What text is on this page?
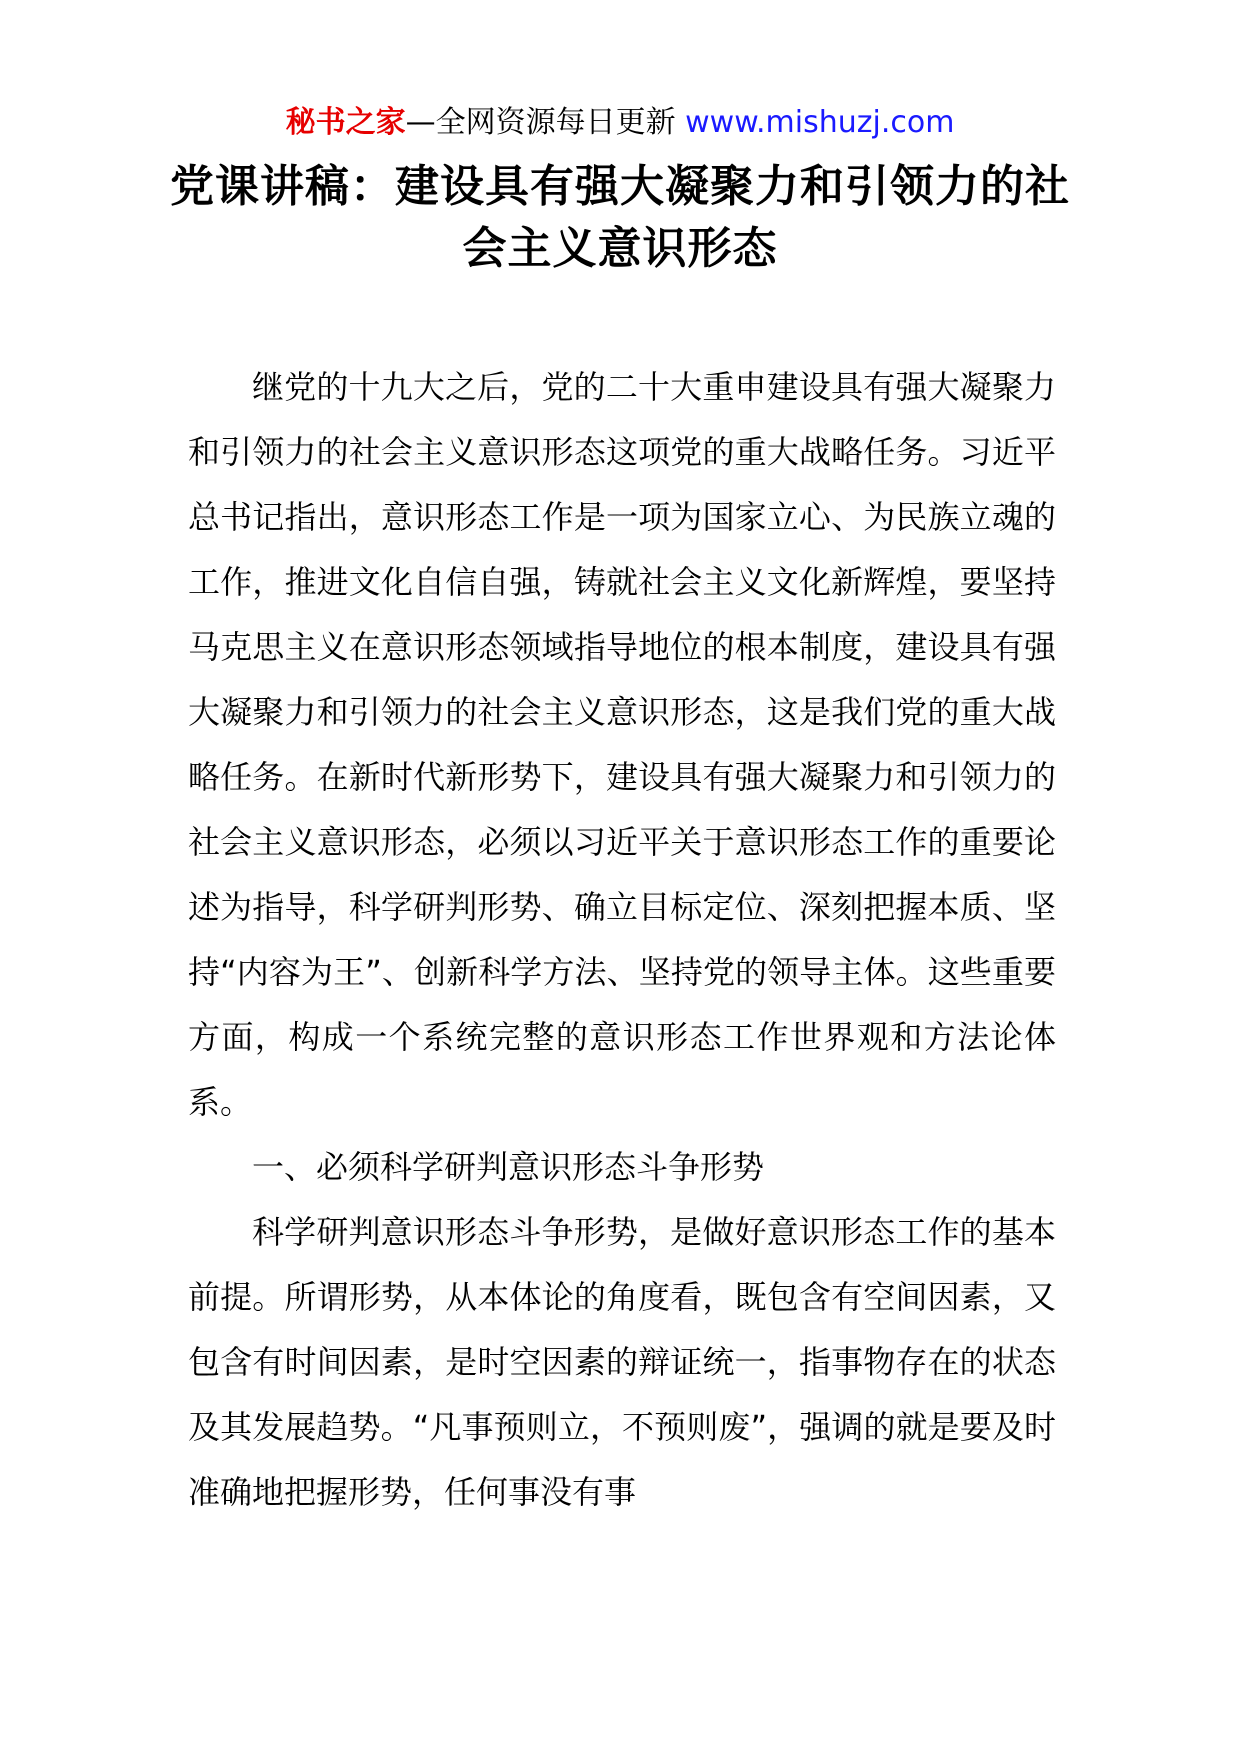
秘书之家—全网资源每日更新 www.mishuzj.com
党课讲稿：建设具有强大凝聚力和引领力的社会主义意识形态

继党的十九大之后，党的二十大重申建设具有强大凝聚力和引领力的社会主义意识形态这项党的重大战略任务。习近平总书记指出，意识形态工作是一项为国家立心、为民族立魂的工作，推进文化自信自强，铸就社会主义文化新辉煌，要坚持马克思主义在意识形态领域指导地位的根本制度，建设具有强大凝聚力和引领力的社会主义意识形态，这是我们党的重大战略任务。在新时代新形势下，建设具有强大凝聚力和引领力的社会主义意识形态，必须以习近平关于意识形态工作的重要论述为指导，科学研判形势、确立目标定位、深刻把握本质、坚持“内容为王”、创新科学方法、坚持党的领导主体。这些重要方面，构成一个系统完整的意识形态工作世界观和方法论体系。

一、必须科学研判意识形态斗争形势

科学研判意识形态斗争形势，是做好意识形态工作的基本前提。所谓形势，从本体论的角度看，既包含有空间因素，又包含有时间因素，是时空因素的辩证统一，指事物存在的状态及其发展趋势。“凡事预则立，不预则废”，强调的就是要及时准确地把握形势，任何事没有事
